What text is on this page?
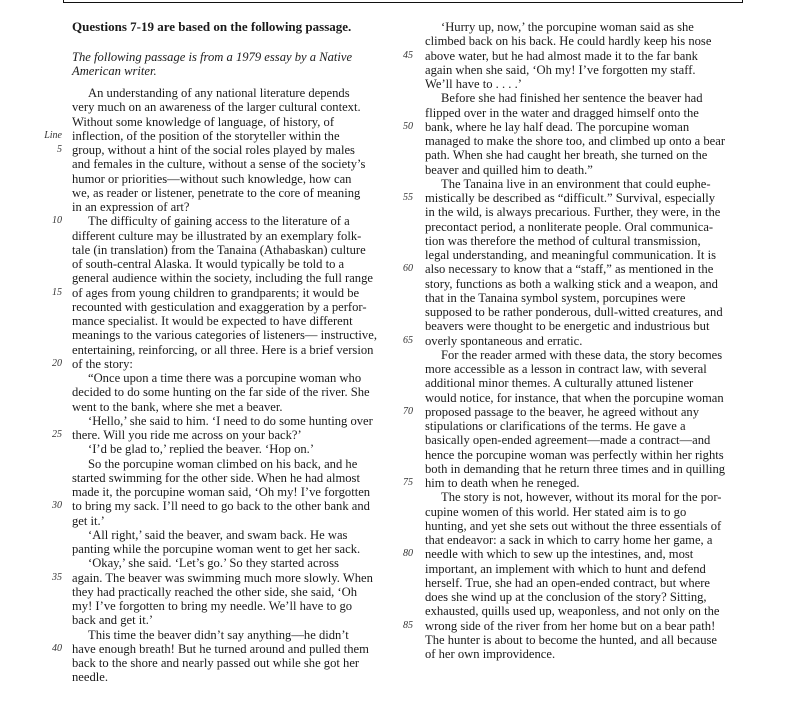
Questions 7-19 are based on the following passage.
The following passage is from a 1979 essay by a Native American writer.
An understanding of any national literature depends
very much on an awareness of the larger cultural context.
Without some knowledge of language, of history, of
Line inflection, of the position of the storyteller within the
5 group, without a hint of the social roles played by males
and females in the culture, without a sense of the society’s
humor or priorities—without such knowledge, how can
we, as reader or listener, penetrate to the core of meaning
in an expression of art?
10 The difficulty of gaining access to the literature of a
different culture may be illustrated by an exemplary folk-
tale (in translation) from the Tanaina (Athabaskan) culture
of south-central Alaska. It would typically be told to a
general audience within the society, including the full range
15 of ages from young children to grandparents; it would be
recounted with gesticulation and exaggeration by a perfor-
mance specialist. It would be expected to have different
meanings to the various categories of listeners— instructive,
entertaining, reinforcing, or all three. Here is a brief version
20 of the story:
“Once upon a time there was a porcupine woman who
decided to do some hunting on the far side of the river. She
went to the bank, where she met a beaver.
‘Hello,’ she said to him. ‘I need to do some hunting over
25 there. Will you ride me across on your back?’
‘I’d be glad to,’ replied the beaver. ‘Hop on.’
So the porcupine woman climbed on his back, and he
started swimming for the other side. When he had almost
made it, the porcupine woman said, ‘Oh my! I’ve forgotten
30 to bring my sack. I’ll need to go back to the other bank and
get it.’
‘All right,’ said the beaver, and swam back. He was
panting while the porcupine woman went to get her sack.
‘Okay,’ she said. ‘Let’s go.’ So they started across
35 again. The beaver was swimming much more slowly. When
they had practically reached the other side, she said, ‘Oh
my! I’ve forgotten to bring my needle. We’ll have to go
back and get it.’
This time the beaver didn’t say anything—he didn’t
40 have enough breath! But he turned around and pulled them
back to the shore and nearly passed out while she got her
needle.
‘Hurry up, now,’ the porcupine woman said as she
climbed back on his back. He could hardly keep his nose
45 above water, but he had almost made it to the far bank
again when she said, ‘Oh my! I’ve forgotten my staff.
We’ll have to . . . .’
Before she had finished her sentence the beaver had
flipped over in the water and dragged himself onto the
50 bank, where he lay half dead. The porcupine woman
managed to make the shore too, and climbed up onto a bear
path. When she had caught her breath, she turned on the
beaver and quilled him to death.”
The Tanaina live in an environment that could euphe-
55 mistically be described as “difficult.” Survival, especially
in the wild, is always precarious. Further, they were, in the
precontact period, a nonliterate people. Oral communica-
tion was therefore the method of cultural transmission,
legal understanding, and meaningful communication. It is
60 also necessary to know that a “staff,” as mentioned in the
story, functions as both a walking stick and a weapon, and
that in the Tanaina symbol system, porcupines were
supposed to be rather ponderous, dull-witted creatures, and
beavers were thought to be energetic and industrious but
65 overly spontaneous and erratic.
For the reader armed with these data, the story becomes
more accessible as a lesson in contract law, with several
additional minor themes. A culturally attuned listener
would notice, for instance, that when the porcupine woman
70 proposed passage to the beaver, he agreed without any
stipulations or clarifications of the terms. He gave a
basically open-ended agreement—made a contract—and
hence the porcupine woman was perfectly within her rights
both in demanding that he return three times and in quilling
75 him to death when he reneged.
The story is not, however, without its moral for the por-
cupine women of this world. Her stated aim is to go
hunting, and yet she sets out without the three essentials of
that endeavor: a sack in which to carry home her game, a
80 needle with which to sew up the intestines, and, most
important, an implement with which to hunt and defend
herself. True, she had an open-ended contract, but where
does she wind up at the conclusion of the story? Sitting,
exhausted, quills used up, weaponless, and not only on the
85 wrong side of the river from her home but on a bear path!
The hunter is about to become the hunted, and all because
of her own improvidence.
